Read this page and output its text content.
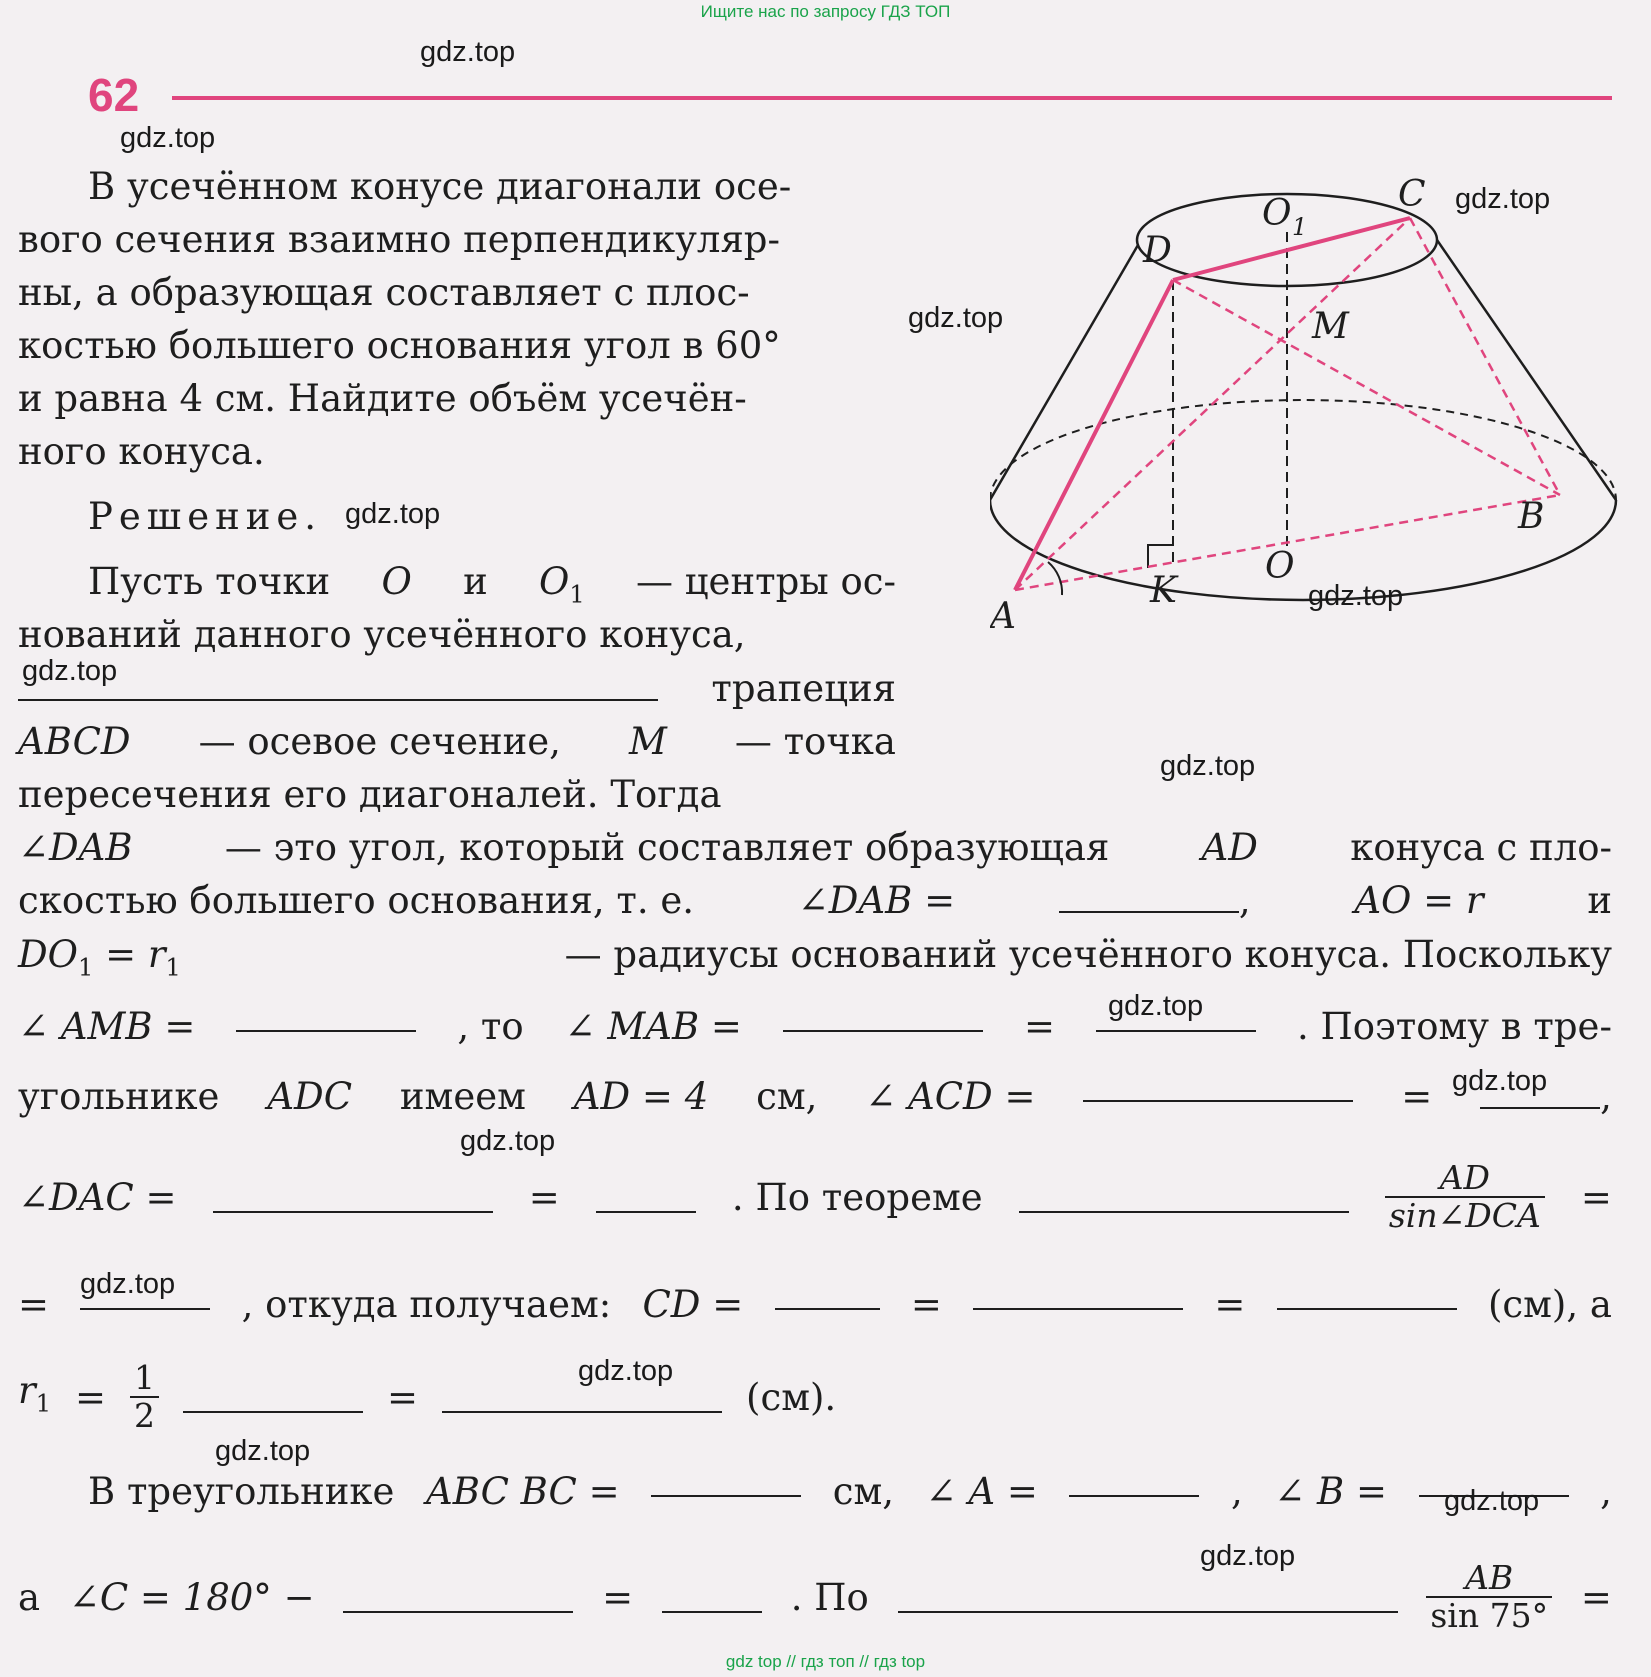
Ищите нас по запросу ГДЗ ТОП
62
O 1
C
D
M
B
O
K
A
В усечённом конусе диагонали осе-
вого сечения взаимно перпендикуляр-
ны, а образующая составляет с плос-
костью большего основания угол в 60°
и равна 4 см. Найдите объём усечён-
ного конуса.
Решение.
Пусть точки O и $O_1$ — центры ос-
нований данного усечённого конуса,
трапеция
ABCD — осевое сечение, M — точка
пересечения его диагоналей. Тогда
∠DAB — это угол, который составляет образующая AD конуса с пло-
скостью большего основания, т. е.	∠DAB =	,	AO = r	и
$DO_1 = r_1$	— радиусы оснований усечённого конуса. Поскольку
∠ AMB =	, то ∠ MAB =	=	. Поэтому в тре-
угольнике ADC имеем AD = 4 см, ∠ ACD =	=	,
∠DAC =	=	. По теореме	$\frac{AD}{\text{sin∠DCA}}$ =
=	, откуда получаем: CD =	=	=	(см), а
$r_1 = \frac{1}{2}$	=	(см).
В треугольнике ABC BC =	см, ∠ A =	, ∠ B =	,
а ∠C = 180° −	=	. По	$\frac{AB}{\sin 75^\circ}$ =
gdz.top
gdz.top
gdz.top
gdz.top
gdz.top
gdz.top
gdz.top
gdz.top
gdz.top
gdz.top
gdz.top
gdz.top
gdz.top
gdz.top
gdz.top
gdz.top
gdz top // гдз топ // гдз top
